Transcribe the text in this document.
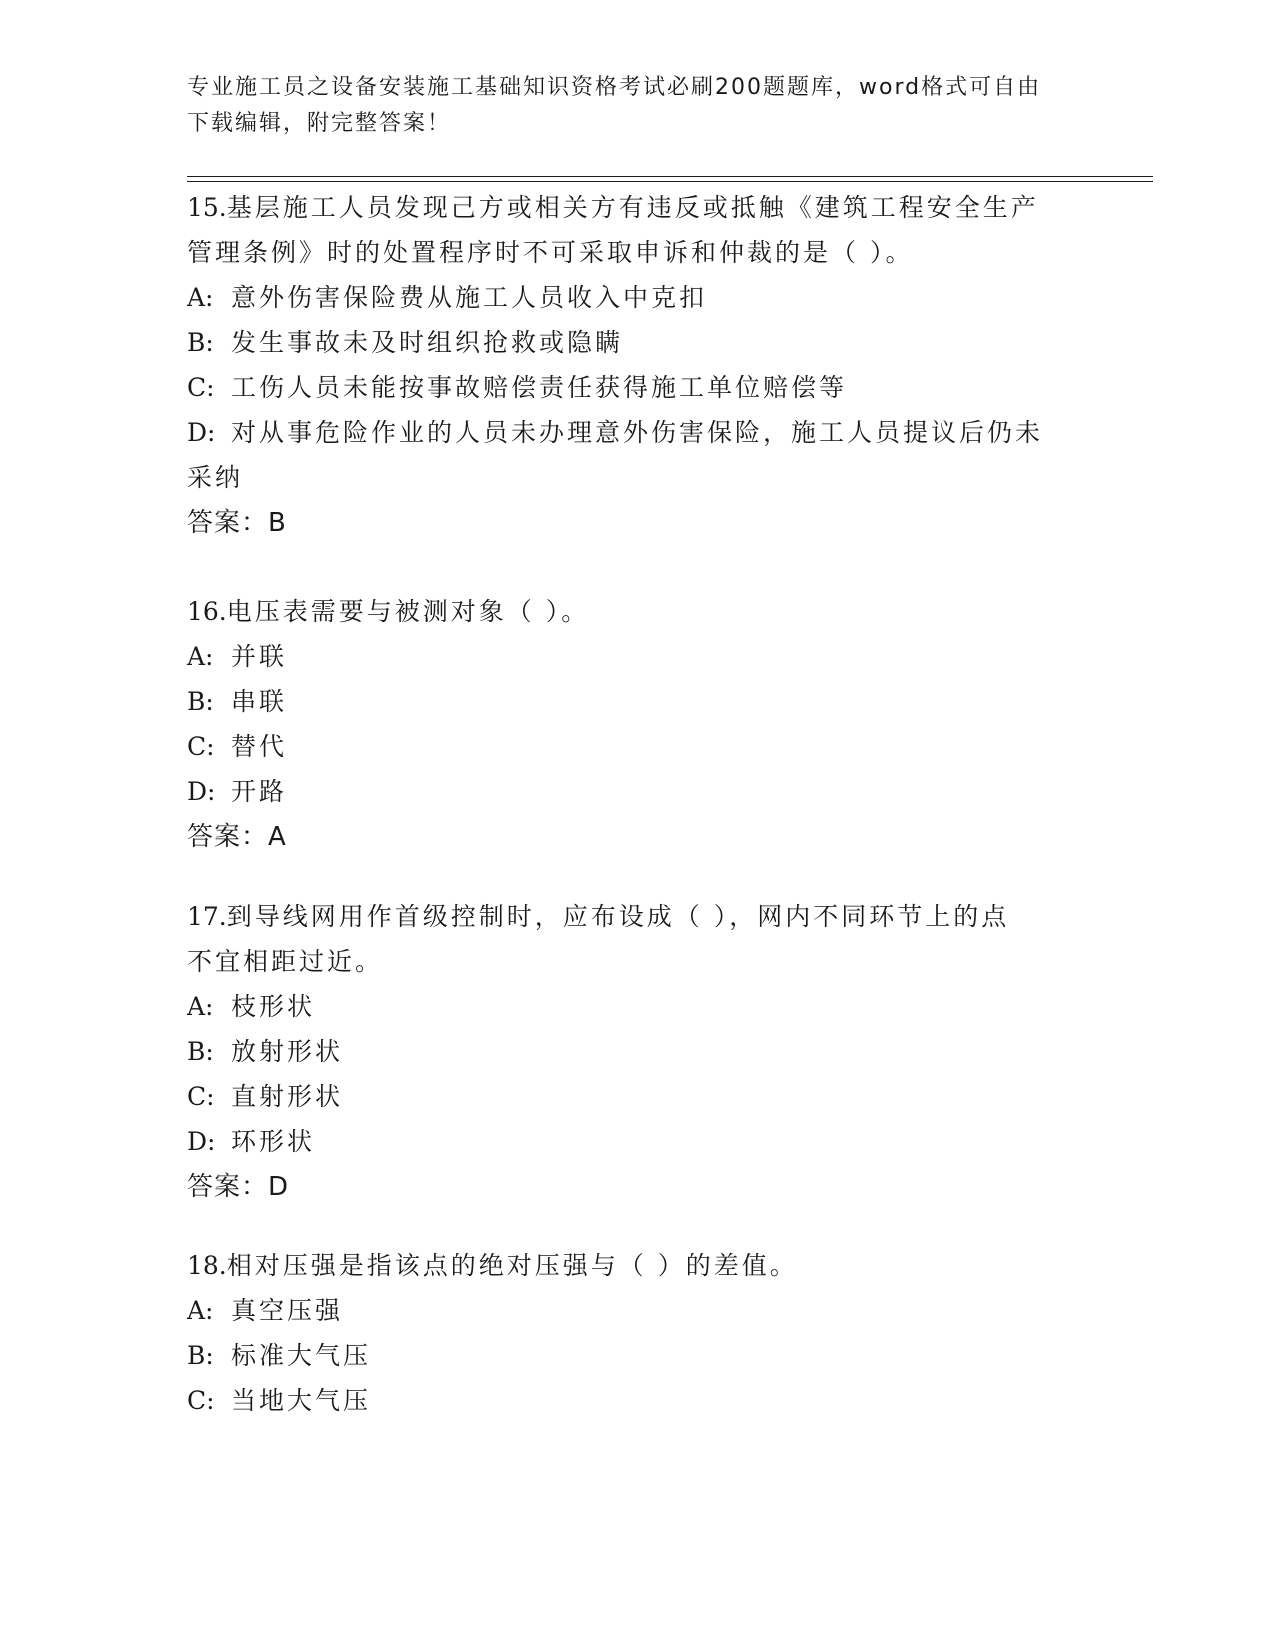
专业施工员之设备安装施工基础知识资格考试必刷200题题库，word格式可自由
下载编辑，附完整答案！

15.基层施工人员发现己方或相关方有违反或抵触《建筑工程安全生产

管理条例》时的处置程序时不可采取申诉和仲裁的是（ ）。

A: 意外伤害保险费从施工人员收入中克扣

B: 发生事故未及时组织抢救或隐瞒

C: 工伤人员未能按事故赔偿责任获得施工单位赔偿等

D: 对从事危险作业的人员未办理意外伤害保险，施工人员提议后仍未

采纳

答案：B

16.电压表需要与被测对象（ ）。

A: 并联

B: 串联

C: 替代

D: 开路

答案：A

17.到导线网用作首级控制时，应布设成（ ），网内不同环节上的点

不宜相距过近。

A: 枝形状

B: 放射形状

C: 直射形状

D: 环形状

答案：D

18.相对压强是指该点的绝对压强与（ ）的差值。

A: 真空压强

B: 标准大气压

C: 当地大气压
